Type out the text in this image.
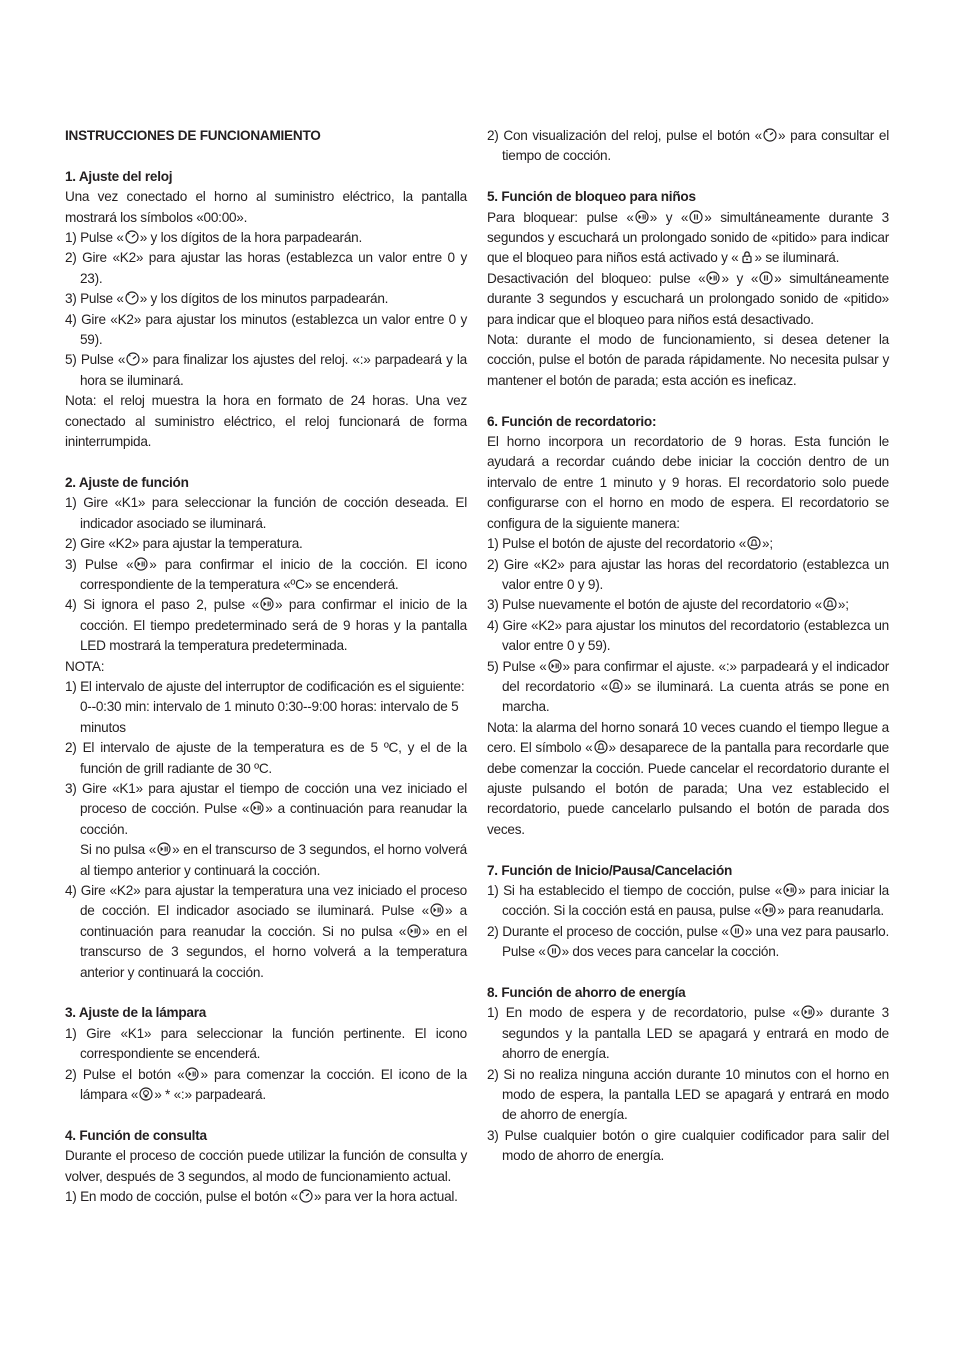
INSTRUCCIONES DE FUNCIONAMIENTO

1. Ajuste del reloj

Una vez conectado el horno al suministro eléctrico, la pantalla mostrará los símbolos «00:00».

1) Pulse « » y los dígitos de la hora parpadearán.

2) Gire «K2» para ajustar las horas (establezca un valor entre 0 y 23).

3) Pulse « » y los dígitos de los minutos parpadearán.

4) Gire «K2» para ajustar los minutos (establezca un valor entre 0 y 59).

5) Pulse « » para finalizar los ajustes del reloj. «:» parpadeará y la hora se iluminará.

Nota: el reloj muestra la hora en formato de 24 horas. Una vez conectado al suministro eléctrico, el reloj funcionará de forma ininterrumpida.

2. Ajuste de función

1) Gire «K1» para seleccionar la función de cocción deseada. El indicador asociado se iluminará.

2) Gire «K2» para ajustar la temperatura.

3) Pulse « » para confirmar el inicio de la cocción. El icono correspondiente de la temperatura «ºC» se encenderá.

4) Si ignora el paso 2, pulse « » para confirmar el inicio de la cocción. El tiempo predeterminado será de 9 horas y la pantalla LED mostrará la temperatura predeterminada.

NOTA:

1) El intervalo de ajuste del interruptor de codificación es el siguiente:

0--0:30 min: intervalo de 1 minuto 0:30--9:00 horas: intervalo de 5 minutos

2) El intervalo de ajuste de la temperatura es de 5 ºC, y el de la función de grill radiante de 30 ºC.

3) Gire «K1» para ajustar el tiempo de cocción una vez iniciado el proceso de cocción. Pulse « » a continuación para reanudar la cocción.

Si no pulsa « » en el transcurso de 3 segundos, el horno volverá al tiempo anterior y continuará la cocción.

4) Gire «K2» para ajustar la temperatura una vez iniciado el proceso de cocción. El indicador asociado se iluminará. Pulse « » a continuación para reanudar la cocción. Si no pulsa « » en el transcurso de 3 segundos, el horno volverá a la temperatura anterior y continuará la cocción.

3. Ajuste de la lámpara

1) Gire «K1» para seleccionar la función pertinente. El icono correspondiente se encenderá.

2) Pulse el botón « » para comenzar la cocción. El icono de la lámpara « » * «:» parpadeará.

4. Función de consulta

Durante el proceso de cocción puede utilizar la función de consulta y volver, después de 3 segundos, al modo de funcionamiento actual.

1) En modo de cocción, pulse el botón « » para ver la hora actual.

2) Con visualización del reloj, pulse el botón « » para consultar el tiempo de cocción.

5. Función de bloqueo para niños

Para bloquear: pulse « » y « » simultáneamente durante 3 segundos y escuchará un prolongado sonido de «pitido» para indicar que el bloqueo para niños está activado y « » se iluminará.

Desactivación del bloqueo: pulse « » y « » simultáneamente durante 3 segundos y escuchará un prolongado sonido de «pitido» para indicar que el bloqueo para niños está desactivado.

Nota: durante el modo de funcionamiento, si desea detener la cocción, pulse el botón de parada rápidamente. No necesita pulsar y mantener el botón de parada; esta acción es ineficaz.

6. Función de recordatorio:

El horno incorpora un recordatorio de 9 horas. Esta función le ayudará a recordar cuándo debe iniciar la cocción dentro de un intervalo de entre 1 minuto y 9 horas. El recordatorio solo puede configurarse con el horno en modo de espera. El recordatorio se configura de la siguiente manera:

1) Pulse el botón de ajuste del recordatorio « »;

2) Gire «K2» para ajustar las horas del recordatorio (establezca un valor entre 0 y 9).

3) Pulse nuevamente el botón de ajuste del recordatorio « »;

4) Gire «K2» para ajustar los minutos del recordatorio (establezca un valor entre 0 y 59).

5) Pulse « » para confirmar el ajuste. «:» parpadeará y el indicador del recordatorio « » se iluminará. La cuenta atrás se pone en marcha.

Nota: la alarma del horno sonará 10 veces cuando el tiempo llegue a cero. El símbolo « » desaparece de la pantalla para recordarle que debe comenzar la cocción. Puede cancelar el recordatorio durante el ajuste pulsando el botón de parada; Una vez establecido el recordatorio, puede cancelarlo pulsando el botón de parada dos veces.

7. Función de Inicio/Pausa/Cancelación

1) Si ha establecido el tiempo de cocción, pulse « » para iniciar la cocción. Si la cocción está en pausa, pulse « » para reanudarla.

2) Durante el proceso de cocción, pulse « » una vez para pausarlo. Pulse « » dos veces para cancelar la cocción.

8. Función de ahorro de energía

1) En modo de espera y de recordatorio, pulse « » durante 3 segundos y la pantalla LED se apagará y entrará en modo de ahorro de energía.

2) Si no realiza ninguna acción durante 10 minutos con el horno en modo de espera, la pantalla LED se apagará y entrará en modo de ahorro de energía.

3) Pulse cualquier botón o gire cualquier codificador para salir del modo de ahorro de energía.
